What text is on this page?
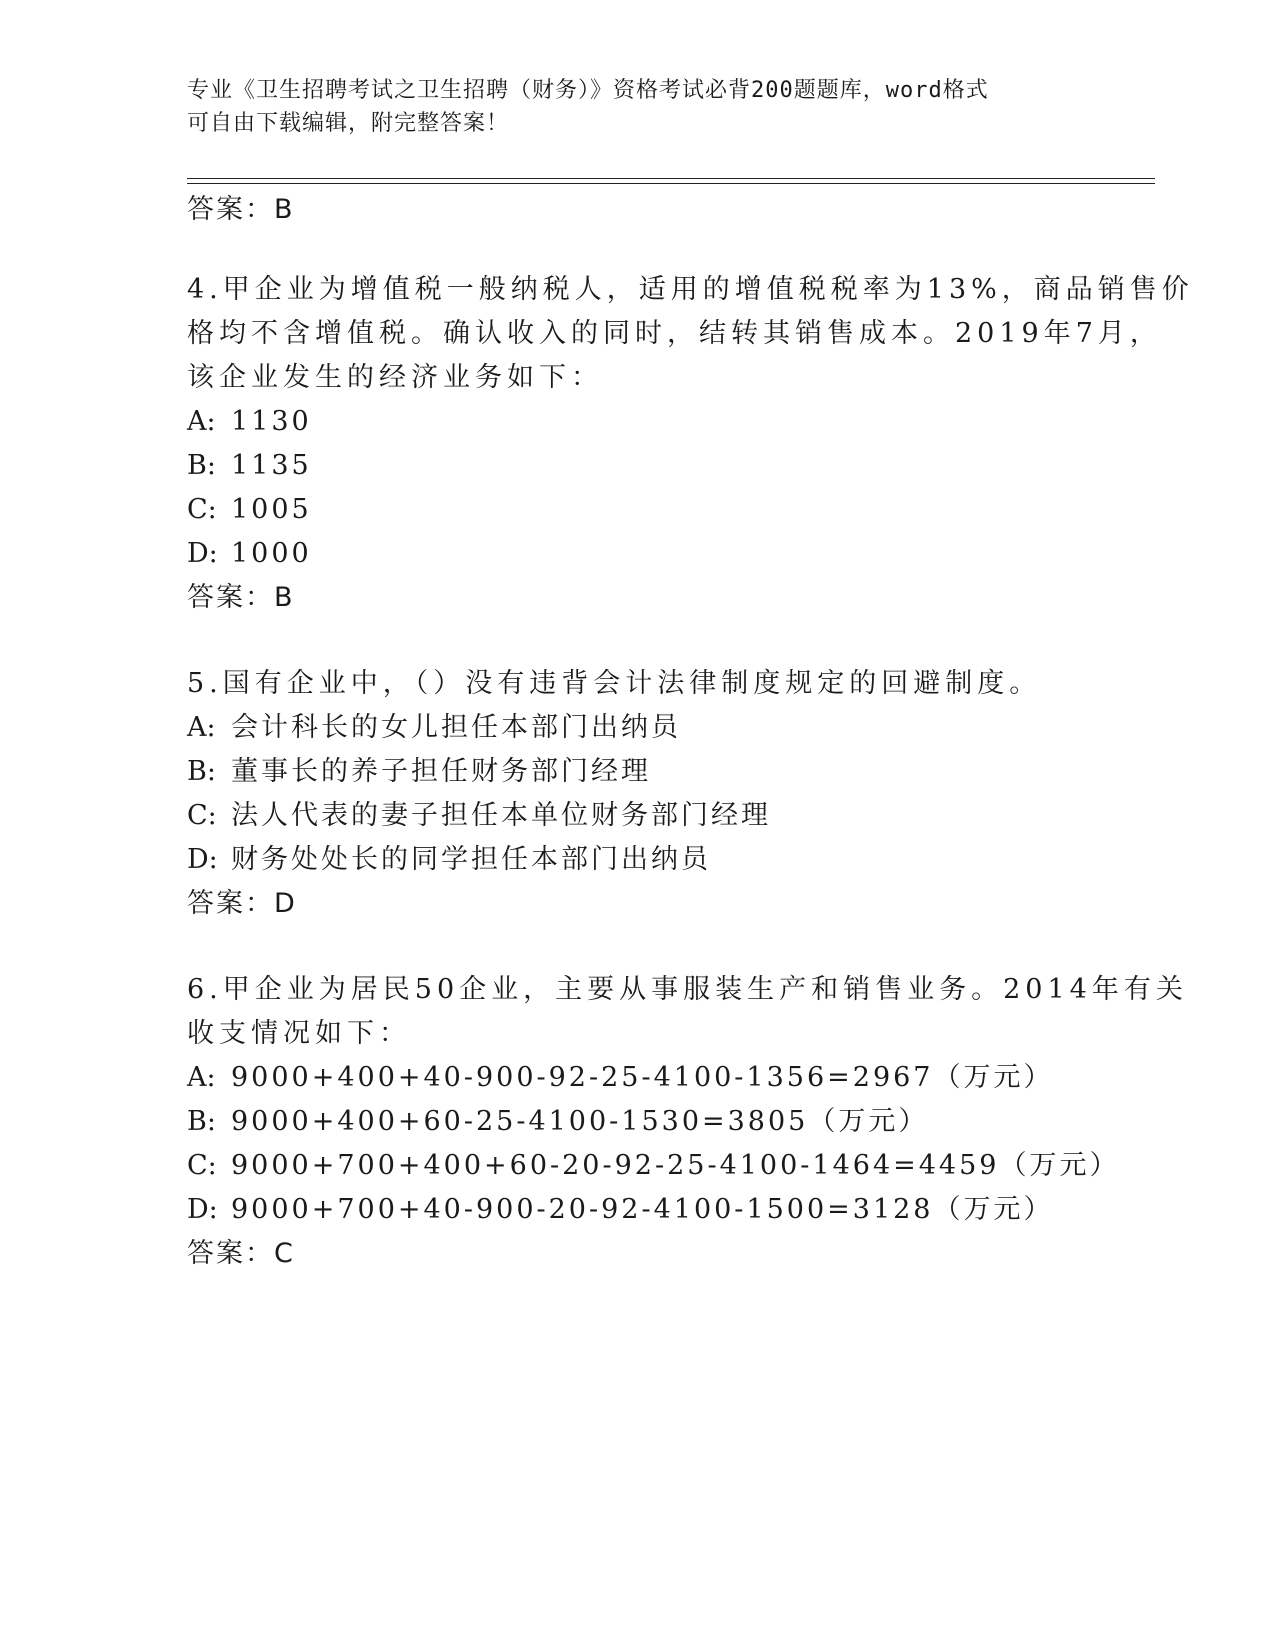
专业《卫生招聘考试之卫生招聘（财务）》资格考试必背200题题库，word格式
可自由下载编辑，附完整答案！
答案：B
4.甲企业为增值税一般纳税人，适用的增值税税率为13%，商品销售价
格均不含增值税。确认收入的同时，结转其销售成本。2019年7月，
该企业发生的经济业务如下：
A: 1130
B: 1135
C: 1005
D: 1000
答案：B
5.国有企业中，（）没有违背会计法律制度规定的回避制度。
A: 会计科长的女儿担任本部门出纳员
B: 董事长的养子担任财务部门经理
C: 法人代表的妻子担任本单位财务部门经理
D: 财务处处长的同学担任本部门出纳员
答案：D
6.甲企业为居民50企业，主要从事服装生产和销售业务。2014年有关
收支情况如下：
A: 9000+400+40-900-92-25-4100-1356=2967（万元）
B: 9000+400+60-25-4100-1530=3805（万元）
C: 9000+700+400+60-20-92-25-4100-1464=4459（万元）
D: 9000+700+40-900-20-92-4100-1500=3128（万元）
答案：C
